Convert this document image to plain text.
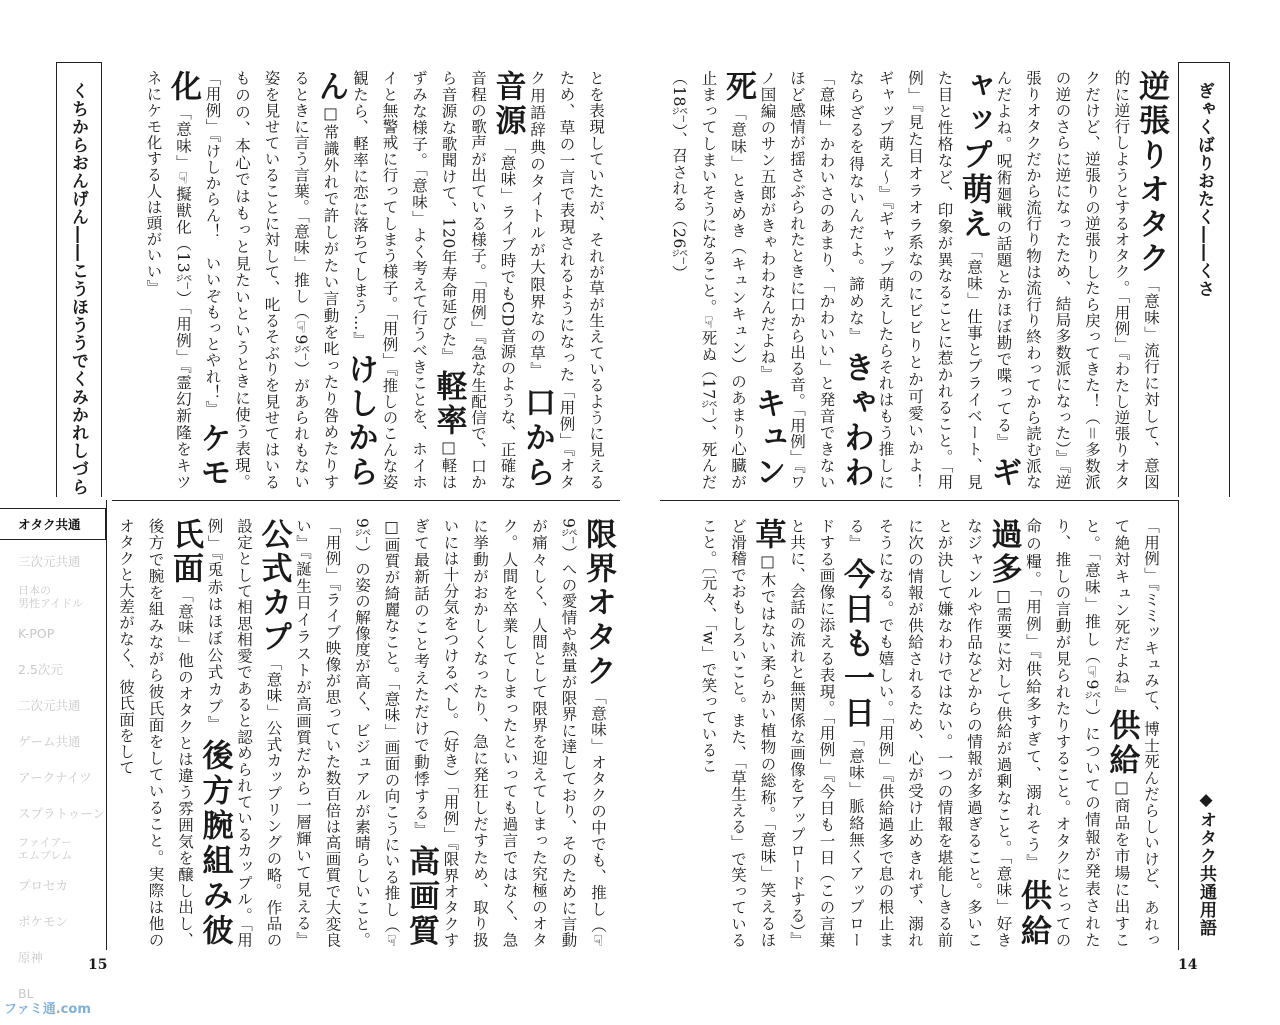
くちからおんげん――こうほううでくみかれしづら	とを表現していたが、それが草が生えているように見えるため、草の一言で表現されるようになった「用例」『オタク用語辞典のタイトルが大限界なの草』 口から音源「意味」ライブ時でもCD音源のような、正確な音程の歌声が出ている様子。「用例」『急な生配信で、口から音源な歌聞けて、120年寿命延びた』 軽率□軽はずみな様子。「意味」よく考えて行うべきことを、ホイホイと無警戒に行ってしまう様子。「用例」『推しのこんな姿観たら、軽率に恋に落ちてしまう…』 けしからん□常識外れで許しがたい言動を叱ったり咎めたりするときに言う言葉。「意味」推し（☞9㌻）があられもない姿を見せていることに対して、叱るそぶりを見せてはいるものの、本心ではもっと見たいというときに使う表現。「用例」『けしからん！　いいぞもっとやれ！』 ケモ化「意味」☞擬獣化（13㌻）「用例」『霊幻新隆をキツネにケモ化する人は頭がいい』
限界オタク「意味」オタクの中でも、推し（☞9㌻）への愛情や熱量が限界に達しており、そのために言動が痛々しく、人間として限界を迎えてしまった究極のオタク。人間を卒業してしまったといっても過言ではなく、急に挙動がおかしくなったり、急に発狂しだすため、取り扱いには十分気をつけるべし。（好き）「用例」『限界オタクすぎて最新話のこと考えただけで動悸する』 高画質□画質が綺麗なこと。「意味」画面の向こうにいる推し（☞9㌻）の姿の解像度が高く、ビジュアルが素晴らしいこと。「用例」『ライブ映像が思っていた数百倍は高画質で大変良い』『誕生日イラストが高画質だから一層輝いて見える』 公式カプ「意味」公式カップリングの略。作品の設定として相思相愛であると認められているカップル。「用例」『兎赤はほぼ公式カプ』 後方腕組み彼氏面「意味」他のオタクとは違う雰囲気を醸し出し、後方で腕を組みながら彼氏面をしていること。実際は他のオタクと大差がなく、彼氏面をして
オタク共通
三次元共通
日本の
男性アイドル
K-POP
2.5次元
二次元共通
ゲーム共通
アークナイツ
スプラトゥーン
ファイアー
エムブレム
プロセカ
ポケモン
原神
BL
15
ファミ通.com
ぎゃくばりおたく――くさ
◆オタク共通用語
逆張りオタク「意味」流行に対して、意図的に逆行しようとするオタク。「用例」『わたし逆張りオタクだけど、逆張りの逆張りしたら戻ってきた！（＝多数派の逆のさらに逆になったため、結局多数派になった）』『逆張りオタクだから流行り物は流行り終わってから読む派なんだよね。呪術廻戦の話題とかほぼ勘で喋ってる』 ギャップ萌え「意味」仕事とプライベート、見た目と性格など、印象が異なることに惹かれること。「用例」『見た目オラオラ系なのにビビりとか可愛いかよ！　ギャップ萌え～』『ギャップ萌えしたらそれはもう推しにならざるを得ないんだよ。諦めな』 きゃわわ「意味」かわいさのあまり、「かわいい」と発音できないほど感情が揺さぶられたときに口から出る音。「用例」『ワノ国編のサン五郎がきゃわわなんだよね』 キュン死「意味」ときめき（キュンキュン）のあまり心臓が止まってしまいそうになること。☞死ぬ（17㌻）、死んだ（18㌻）、召される（26㌻）
「用例」『ミミッキュみて、博士死んだらしいけど、あれって絶対キュン死だよね』 供給□商品を市場に出すこと。「意味」推し（☞9㌻）についての情報が発表されたり、推しの言動が見られたりすること。オタクにとっての命の糧。「用例」『供給多すぎて、溺れそう』 供給過多□需要に対して供給が過剰なこと。「意味」好きなジャンルや作品などからの情報が多過ぎること。多いことが決して嫌なわけではない。一つの情報を堪能しきる前に次の情報が供給されるため、心が受け止めきれず、溺れそうになる。でも嬉しい。「用例」『供給過多で息の根止まる』 今日も一日「意味」脈絡無くアップロードする画像に添える表現。「用例」『今日も一日（この言葉と共に、会話の流れと無関係な画像をアップロードする）』 草□木ではない柔らかい植物の総称。「意味」笑えるほど滑稽でおもしろいこと。また、「草生える」で笑っていること。〔元々、「w」で笑っているこ
14
